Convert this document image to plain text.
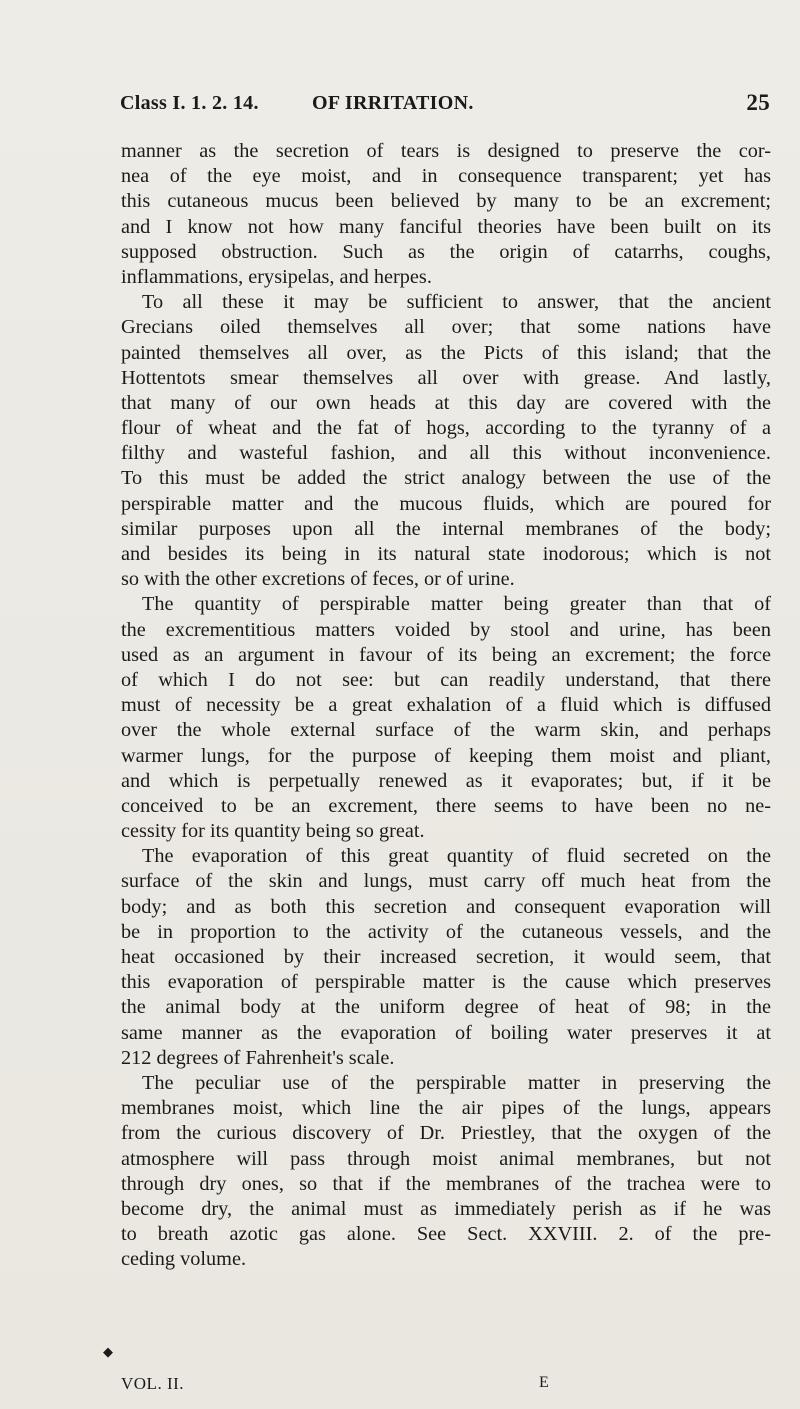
Class I. 1. 2. 14.	OF IRRITATION.	25
manner as the secretion of tears is designed to preserve the cor-
nea of the eye moist, and in consequence transparent; yet has
this cutaneous mucus been believed by many to be an excrement;
and I know not how many fanciful theories have been built on its
supposed obstruction. Such as the origin of catarrhs, coughs,
inflammations, erysipelas, and herpes.
To all these it may be sufficient to answer, that the ancient
Grecians oiled themselves all over; that some nations have
painted themselves all over, as the Picts of this island; that the
Hottentots smear themselves all over with grease. And lastly,
that many of our own heads at this day are covered with the
flour of wheat and the fat of hogs, according to the tyranny of a
filthy and wasteful fashion, and all this without inconvenience.
To this must be added the strict analogy between the use of the
perspirable matter and the mucous fluids, which are poured for
similar purposes upon all the internal membranes of the body;
and besides its being in its natural state inodorous; which is not
so with the other excretions of feces, or of urine.
The quantity of perspirable matter being greater than that of
the excrementitious matters voided by stool and urine, has been
used as an argument in favour of its being an excrement; the force
of which I do not see: but can readily understand, that there
must of necessity be a great exhalation of a fluid which is diffused
over the whole external surface of the warm skin, and perhaps
warmer lungs, for the purpose of keeping them moist and pliant,
and which is perpetually renewed as it evaporates; but, if it be
conceived to be an excrement, there seems to have been no ne-
cessity for its quantity being so great.
The evaporation of this great quantity of fluid secreted on the
surface of the skin and lungs, must carry off much heat from the
body; and as both this secretion and consequent evaporation will
be in proportion to the activity of the cutaneous vessels, and the
heat occasioned by their increased secretion, it would seem, that
this evaporation of perspirable matter is the cause which preserves
the animal body at the uniform degree of heat of 98; in the
same manner as the evaporation of boiling water preserves it at
212 degrees of Fahrenheit's scale.
The peculiar use of the perspirable matter in preserving the
membranes moist, which line the air pipes of the lungs, appears
from the curious discovery of Dr. Priestley, that the oxygen of the
atmosphere will pass through moist animal membranes, but not
through dry ones, so that if the membranes of the trachea were to
become dry, the animal must as immediately perish as if he was
to breath azotic gas alone. See Sect. XXVIII. 2. of the pre-
ceding volume.
◆
VOL. II.	E
